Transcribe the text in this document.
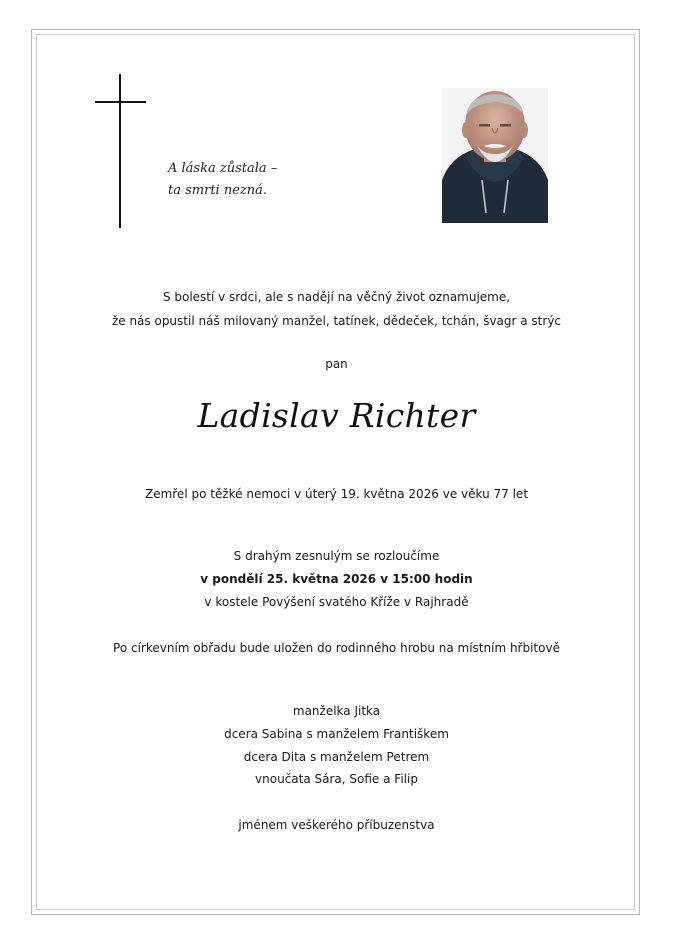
A láska zůstala –
ta smrti nezná.
S bolestí v srdci, ale s nadějí na věčný život oznamujeme,
že nás opustil náš milovaný manžel, tatínek, dědeček, tchán, švagr a strýc
pan
Ladislav Richter
Zemřel po těžké nemoci v úterý 19. května 2026 ve věku 77 let
S drahým zesnulým se rozloučíme
v pondělí 25. května 2026 v 15:00 hodin
v kostele Povýšení svatého Kříže v Rajhradě
Po církevním obřadu bude uložen do rodinného hrobu na místním hřbitově
manželka Jitka
dcera Sabina s manželem Františkem
dcera Dita s manželem Petrem
vnoučata Sára, Sofie a Filip
jménem veškerého příbuzenstva
